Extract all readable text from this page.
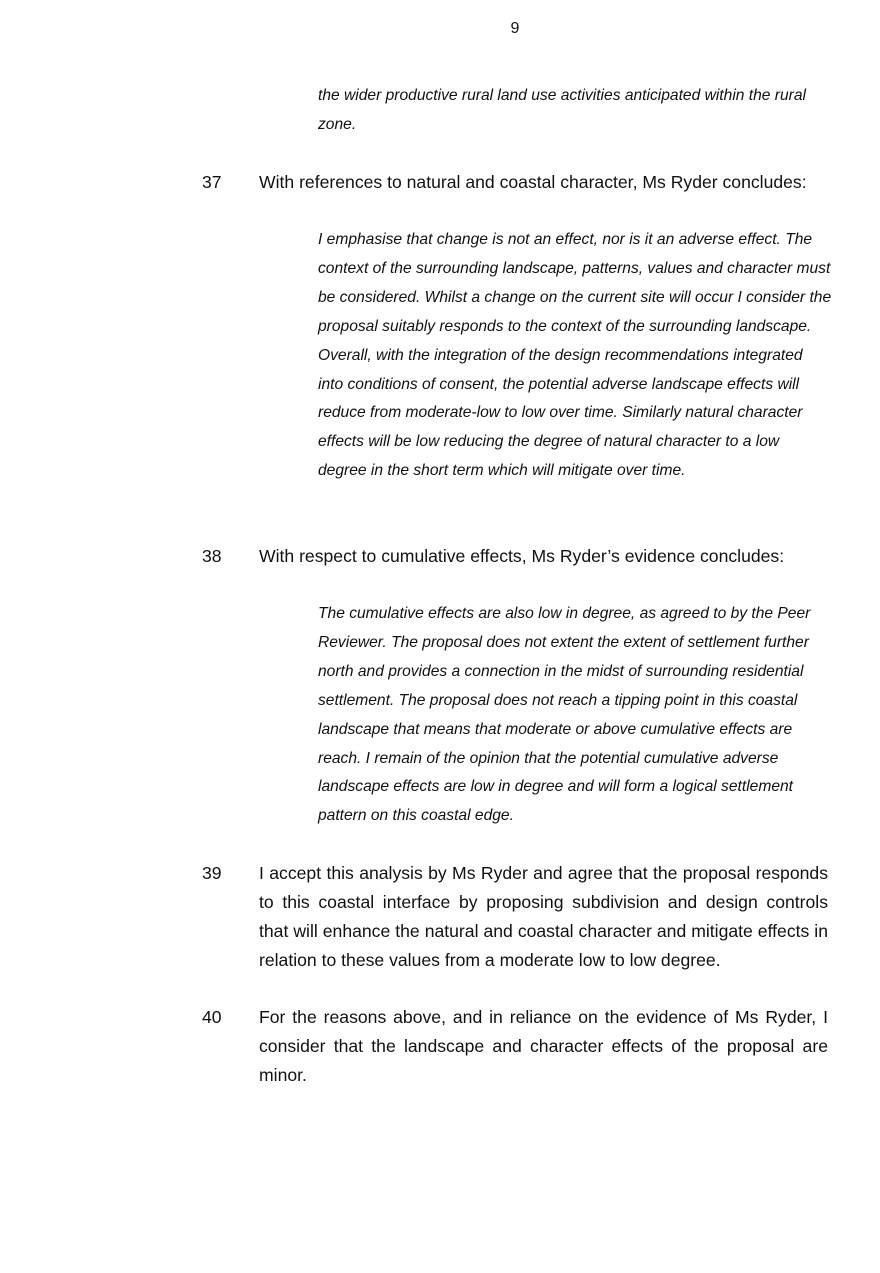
9

the wider productive rural land use activities anticipated within the rural zone.

37	With references to natural and coastal character, Ms Ryder concludes:

I emphasise that change is not an effect, nor is it an adverse effect. The context of the surrounding landscape, patterns, values and character must be considered. Whilst a change on the current site will occur I consider the proposal suitably responds to the context of the surrounding landscape. Overall, with the integration of the design recommendations integrated into conditions of consent, the potential adverse landscape effects will reduce from moderate-low to low over time. Similarly natural character effects will be low reducing the degree of natural character to a low degree in the short term which will mitigate over time.

38	With respect to cumulative effects, Ms Ryder’s evidence concludes:

The cumulative effects are also low in degree, as agreed to by the Peer Reviewer. The proposal does not extent the extent of settlement further north and provides a connection in the midst of surrounding residential settlement. The proposal does not reach a tipping point in this coastal landscape that means that moderate or above cumulative effects are reach. I remain of the opinion that the potential cumulative adverse landscape effects are low in degree and will form a logical settlement pattern on this coastal edge.

39	I accept this analysis by Ms Ryder and agree that the proposal responds to this coastal interface by proposing subdivision and design controls that will enhance the natural and coastal character and mitigate effects in relation to these values from a moderate low to low degree.
40	For the reasons above, and in reliance on the evidence of Ms Ryder, I consider that the landscape and character effects of the proposal are minor.
